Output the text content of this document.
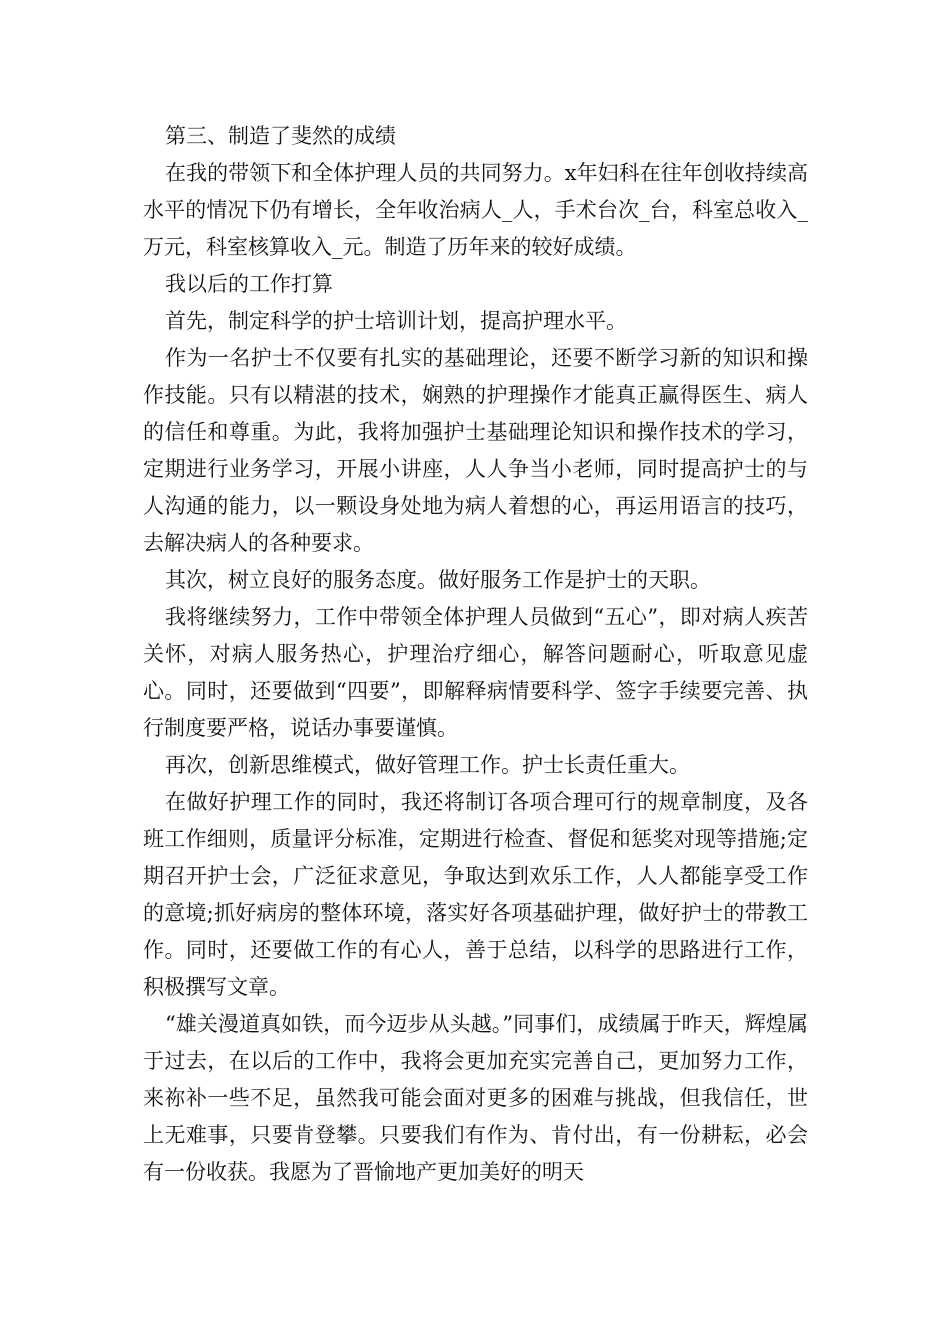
第三、制造了斐然的成绩

在我的带领下和全体护理人员的共同努力。x年妇科在往年创收持续高水平的情况下仍有增长，全年收治病人_人，手术台次_台，科室总收入_万元，科室核算收入_元。制造了历年来的较好成绩。

我以后的工作打算

首先，制定科学的护士培训计划，提高护理水平。

作为一名护士不仅要有扎实的基础理论，还要不断学习新的知识和操作技能。只有以精湛的技术，娴熟的护理操作才能真正赢得医生、病人的信任和尊重。为此，我将加强护士基础理论知识和操作技术的学习，定期进行业务学习，开展小讲座，人人争当小老师，同时提高护士的与人沟通的能力，以一颗设身处地为病人着想的心，再运用语言的技巧，去解决病人的各种要求。

其次，树立良好的服务态度。做好服务工作是护士的天职。

我将继续努力，工作中带领全体护理人员做到“五心”，即对病人疾苦关怀，对病人服务热心，护理治疗细心，解答问题耐心，听取意见虚心。同时，还要做到“四要”，即解释病情要科学、签字手续要完善、执行制度要严格，说话办事要谨慎。

再次，创新思维模式，做好管理工作。护士长责任重大。

在做好护理工作的同时，我还将制订各项合理可行的规章制度，及各班工作细则，质量评分标准，定期进行检查、督促和惩奖对现等措施;定期召开护士会，广泛征求意见，争取达到欢乐工作，人人都能享受工作的意境;抓好病房的整体环境，落实好各项基础护理，做好护士的带教工作。同时，还要做工作的有心人，善于总结，以科学的思路进行工作，积极撰写文章。

“雄关漫道真如铁，而今迈步从头越。”同事们，成绩属于昨天，辉煌属于过去，在以后的工作中，我将会更加充实完善自己，更加努力工作，来祢补一些不足，虽然我可能会面对更多的困难与挑战，但我信任，世上无难事，只要肯登攀。只要我们有作为、肯付出，有一份耕耘，必会有一份收获。我愿为了晋愉地产更加美好的明天
